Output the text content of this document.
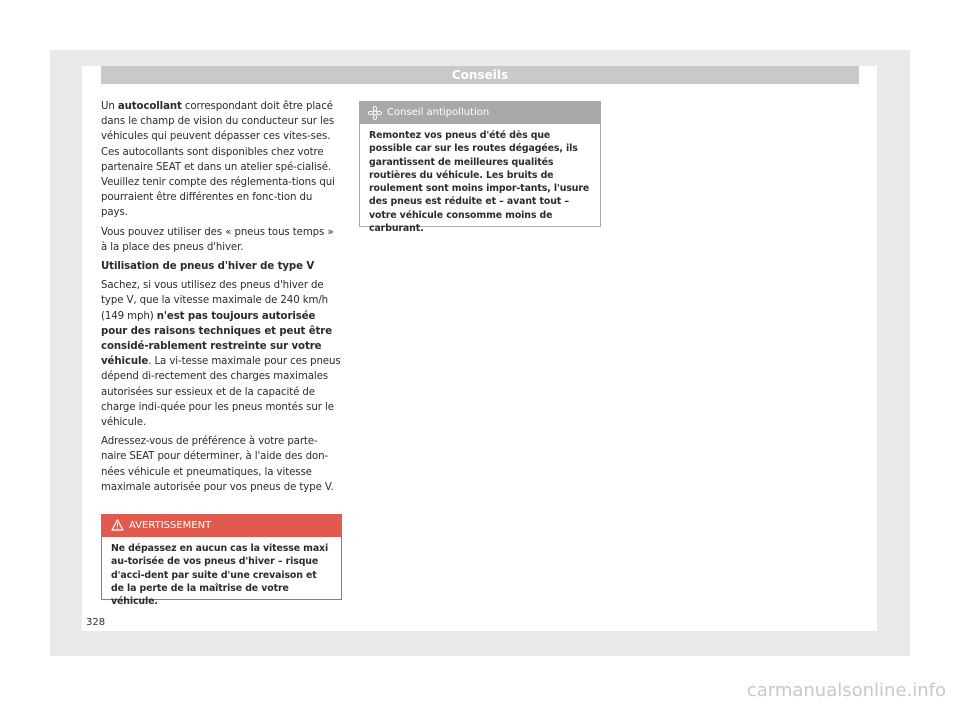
Conseils

Un autocollant correspondant doit être placé dans le champ de vision du conducteur sur les véhicules qui peuvent dépasser ces vites-ses. Ces autocollants sont disponibles chez votre partenaire SEAT et dans un atelier spé-cialisé. Veuillez tenir compte des réglementa-tions qui pourraient être différentes en fonc-tion du pays.

Vous pouvez utiliser des « pneus tous temps » à la place des pneus d'hiver.

Utilisation de pneus d'hiver de type V

Sachez, si vous utilisez des pneus d'hiver de type V, que la vitesse maximale de 240 km/h (149 mph) n'est pas toujours autorisée pour des raisons techniques et peut être considé-rablement restreinte sur votre véhicule. La vi-tesse maximale pour ces pneus dépend di-rectement des charges maximales autorisées sur essieux et de la capacité de charge indi-quée pour les pneus montés sur le véhicule.

Adressez-vous de préférence à votre parte-naire SEAT pour déterminer, à l'aide des don-nées véhicule et pneumatiques, la vitesse maximale autorisée pour vos pneus de type V.

AVERTISSEMENT
Ne dépassez en aucun cas la vitesse maxi au-torisée de vos pneus d'hiver – risque d'acci-dent par suite d'une crevaison et de la perte de la maîtrise de votre véhicule.
Conseil antipollution
Remontez vos pneus d'été dès que possible car sur les routes dégagées, ils garantissent de meilleures qualités routières du véhicule. Les bruits de roulement sont moins impor-tants, l'usure des pneus est réduite et – avant tout – votre véhicule consomme moins de carburant.
328
carmanualsonline.info
